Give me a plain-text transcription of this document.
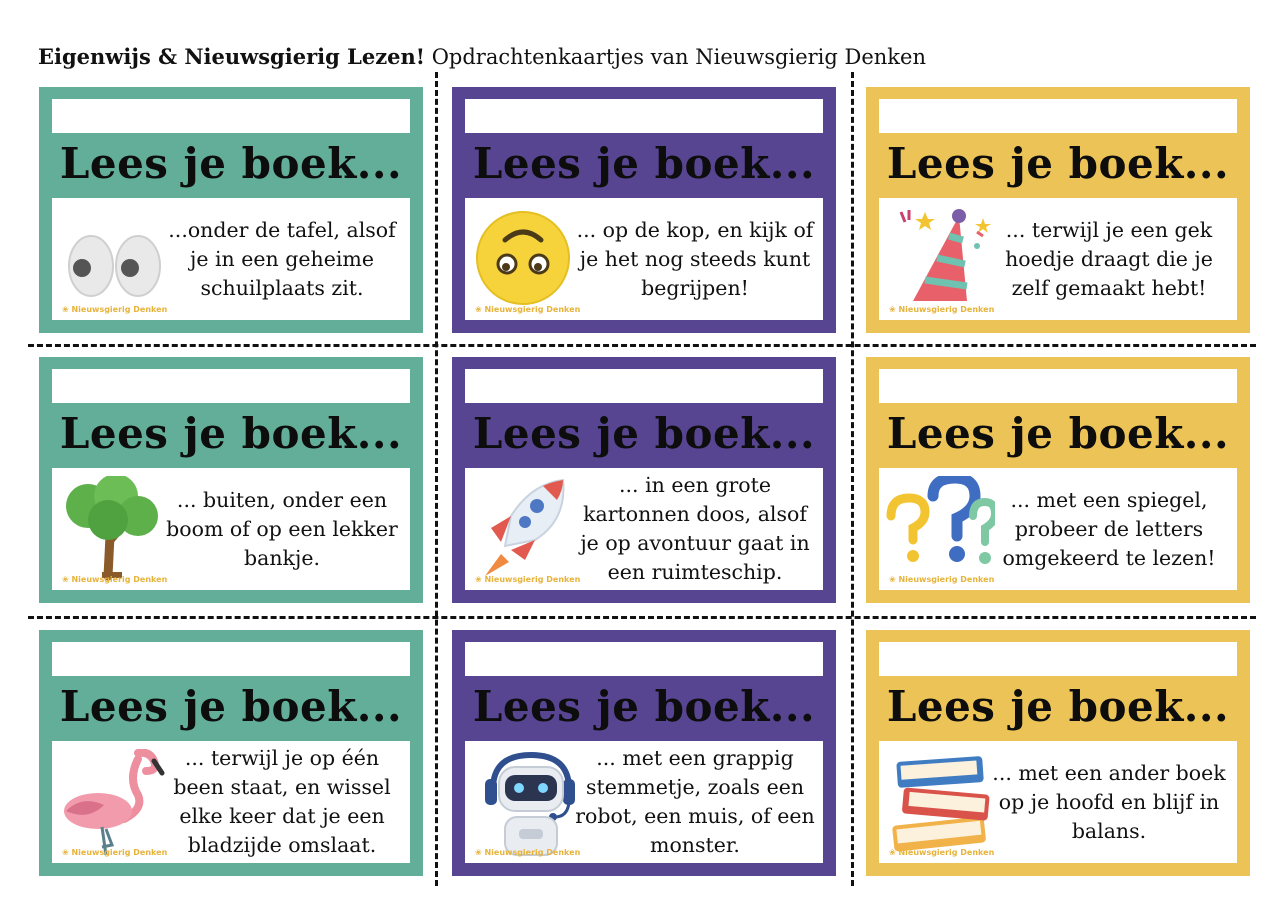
Eigenwijs & Nieuwsgierig Lezen! Opdrachtenkaartjes van Nieuwsgierig Denken
Lees je boek...
...onder de tafel, alsof je in een geheime schuilplaats zit.
❀ Nieuwsgierig Denken
Lees je boek...
... op de kop, en kijk of je het nog steeds kunt begrijpen!
❀ Nieuwsgierig Denken
Lees je boek...
... terwijl je een gek hoedje draagt die je zelf gemaakt hebt!
❀ Nieuwsgierig Denken
Lees je boek...
... buiten, onder een boom of op een lekker bankje.
❀ Nieuwsgierig Denken
Lees je boek...
... in een grote kartonnen doos, alsof je op avontuur gaat in een ruimteschip.
❀ Nieuwsgierig Denken
Lees je boek...
... met een spiegel, probeer de letters omgekeerd te lezen!
❀ Nieuwsgierig Denken
Lees je boek...
... terwijl je op één been staat, en wissel elke keer dat je een bladzijde omslaat.
❀ Nieuwsgierig Denken
Lees je boek...
... met een grappig stemmetje, zoals een robot, een muis, of een monster.
❀ Nieuwsgierig Denken
Lees je boek...
... met een ander boek op je hoofd en blijf in balans.
❀ Nieuwsgierig Denken
